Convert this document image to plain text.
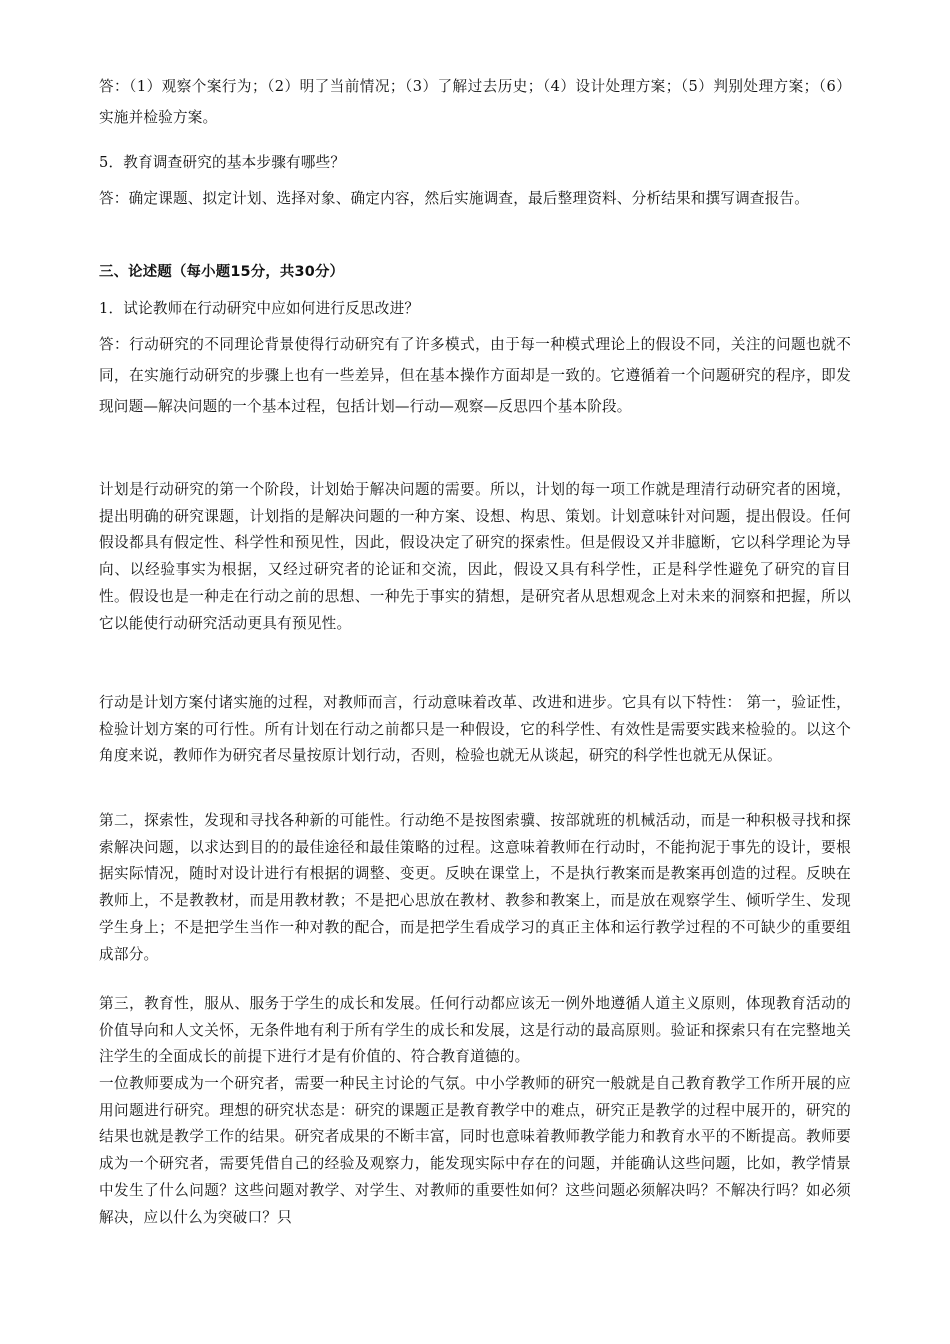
答：（1）观察个案行为；（2）明了当前情况；（3）了解过去历史；（4）设计处理方案；（5）判别处理方案；（6）实施并检验方案。
5．教育调查研究的基本步骤有哪些？
答：确定课题、拟定计划、选择对象、确定内容，然后实施调查，最后整理资料、分析结果和撰写调查报告。
三、论述题（每小题15分，共30分）
1．试论教师在行动研究中应如何进行反思改进？
答：行动研究的不同理论背景使得行动研究有了许多模式，由于每一种模式理论上的假设不同，关注的问题也就不同，在实施行动研究的步骤上也有一些差异，但在基本操作方面却是一致的。它遵循着一个问题研究的程序，即发现问题—解决问题的一个基本过程，包括计划—行动—观察—反思四个基本阶段。
计划是行动研究的第一个阶段，计划始于解决问题的需要。所以，计划的每一项工作就是理清行动研究者的困境，提出明确的研究课题，计划指的是解决问题的一种方案、设想、构思、策划。计划意味针对问题，提出假设。任何假设都具有假定性、科学性和预见性，因此，假设决定了研究的探索性。但是假设又并非臆断，它以科学理论为导向、以经验事实为根据，又经过研究者的论证和交流，因此，假设又具有科学性，正是科学性避免了研究的盲目性。假设也是一种走在行动之前的思想、一种先于事实的猜想，是研究者从思想观念上对未来的洞察和把握，所以它以能使行动研究活动更具有预见性。
行动是计划方案付诸实施的过程，对教师而言，行动意味着改革、改进和进步。它具有以下特性： 第一，验证性，检验计划方案的可行性。所有计划在行动之前都只是一种假设，它的科学性、有效性是需要实践来检验的。以这个角度来说，教师作为研究者尽量按原计划行动，否则，检验也就无从谈起，研究的科学性也就无从保证。
第二，探索性，发现和寻找各种新的可能性。行动绝不是按图索骥、按部就班的机械活动，而是一种积极寻找和探索解决问题，以求达到目的的最佳途径和最佳策略的过程。这意味着教师在行动时，不能拘泥于事先的设计，要根据实际情况，随时对设计进行有根据的调整、变更。反映在课堂上，不是执行教案而是教案再创造的过程。反映在教师上，不是教教材，而是用教材教；不是把心思放在教材、教参和教案上，而是放在观察学生、倾听学生、发现学生身上；不是把学生当作一种对教的配合，而是把学生看成学习的真正主体和运行教学过程的不可缺少的重要组成部分。
第三，教育性，服从、服务于学生的成长和发展。任何行动都应该无一例外地遵循人道主义原则，体现教育活动的价值导向和人文关怀，无条件地有利于所有学生的成长和发展，这是行动的最高原则。验证和探索只有在完整地关注学生的全面成长的前提下进行才是有价值的、符合教育道德的。
一位教师要成为一个研究者，需要一种民主讨论的气氛。中小学教师的研究一般就是自己教育教学工作所开展的应用问题进行研究。理想的研究状态是：研究的课题正是教育教学中的难点，研究正是教学的过程中展开的，研究的结果也就是教学工作的结果。研究者成果的不断丰富，同时也意味着教师教学能力和教育水平的不断提高。教师要成为一个研究者，需要凭借自己的经验及观察力，能发现实际中存在的问题，并能确认这些问题，比如，教学情景中发生了什么问题？这些问题对教学、对学生、对教师的重要性如何？这些问题必须解决吗？不解决行吗？如必须解决，应以什么为突破口？只
